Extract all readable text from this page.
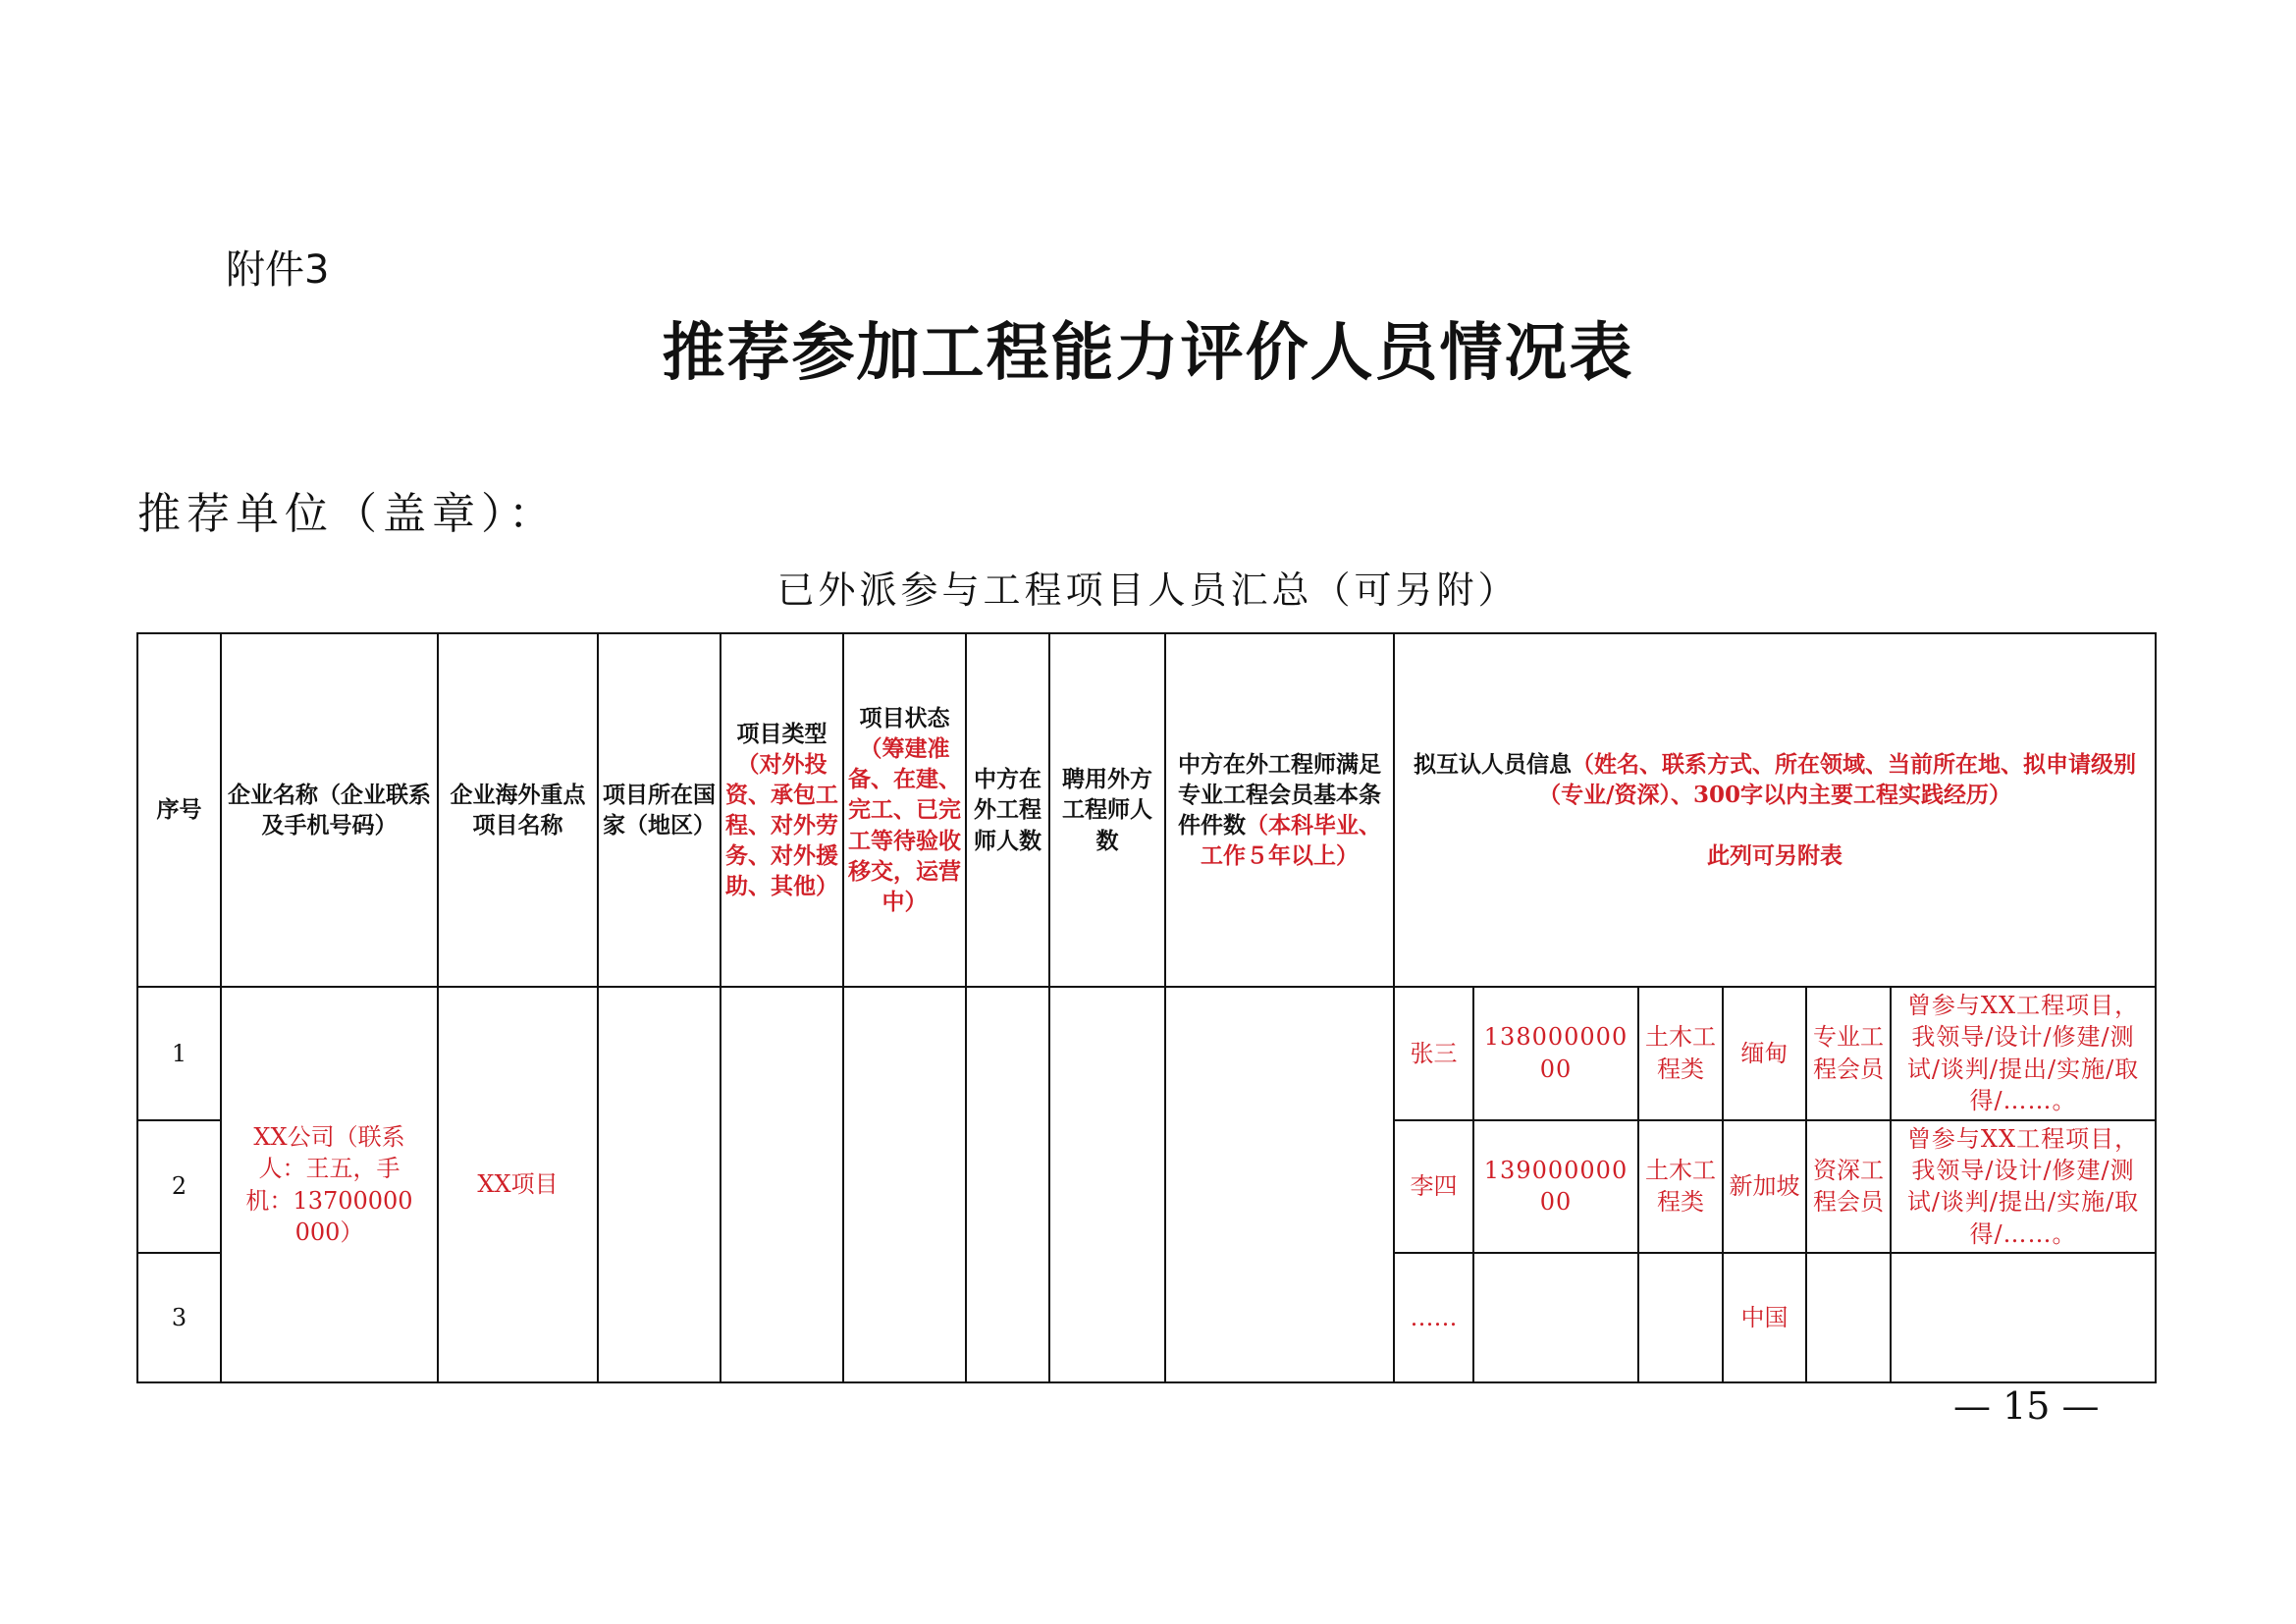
附件3
推荐参加工程能力评价人员情况表
推荐单位（盖章）：
已外派参与工程项目人员汇总（可另附）
序号	企业名称（企业联系及手机号码）	企业海外重点项目名称	项目所在国家（地区）	项目类型（对外投资、承包工程、对外劳务、对外援助、其他）	项目状态（筹建准备、在建、完工、已完工等待验收移交，运营中）	中方在外工程师人数	聘用外方工程师人数	中方在外工程师满足专业工程会员基本条件件数（本科毕业、工作５年以上）	拟互认人员信息（姓名、联系方式、所在领域、当前所在地、拟申请级别（专业/资深）、300字以内主要工程实践经历）
此列可另附表					

1	XX公司（联系人：王五，手机：13700000000）	XX项目							张三	13800000000	土木工程类	缅甸	专业工程会员	曾参与XX工程项目，我领导/设计/修建/测试/谈判/提出/实施/取得/……。
2									李四	13900000000	土木工程类	新加坡	资深工程会员	曾参与XX工程项目，我领导/设计/修建/测试/谈判/提出/实施/取得/……。
3									……			中国		
— 15 —
